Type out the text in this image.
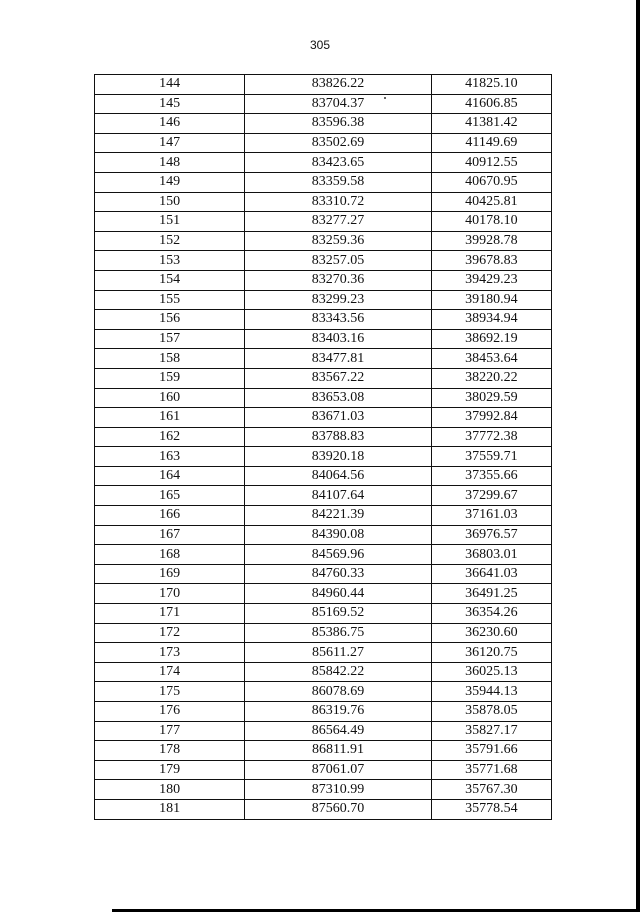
305
144	83826.22	41825.10
145	83704.37	41606.85
146	83596.38	41381.42
147	83502.69	41149.69
148	83423.65	40912.55
149	83359.58	40670.95
150	83310.72	40425.81
151	83277.27	40178.10
152	83259.36	39928.78
153	83257.05	39678.83
154	83270.36	39429.23
155	83299.23	39180.94
156	83343.56	38934.94
157	83403.16	38692.19
158	83477.81	38453.64
159	83567.22	38220.22
160	83653.08	38029.59
161	83671.03	37992.84
162	83788.83	37772.38
163	83920.18	37559.71
164	84064.56	37355.66
165	84107.64	37299.67
166	84221.39	37161.03
167	84390.08	36976.57
168	84569.96	36803.01
169	84760.33	36641.03
170	84960.44	36491.25
171	85169.52	36354.26
172	85386.75	36230.60
173	85611.27	36120.75
174	85842.22	36025.13
175	86078.69	35944.13
176	86319.76	35878.05
177	86564.49	35827.17
178	86811.91	35791.66
179	87061.07	35771.68
180	87310.99	35767.30
181	87560.70	35778.54
